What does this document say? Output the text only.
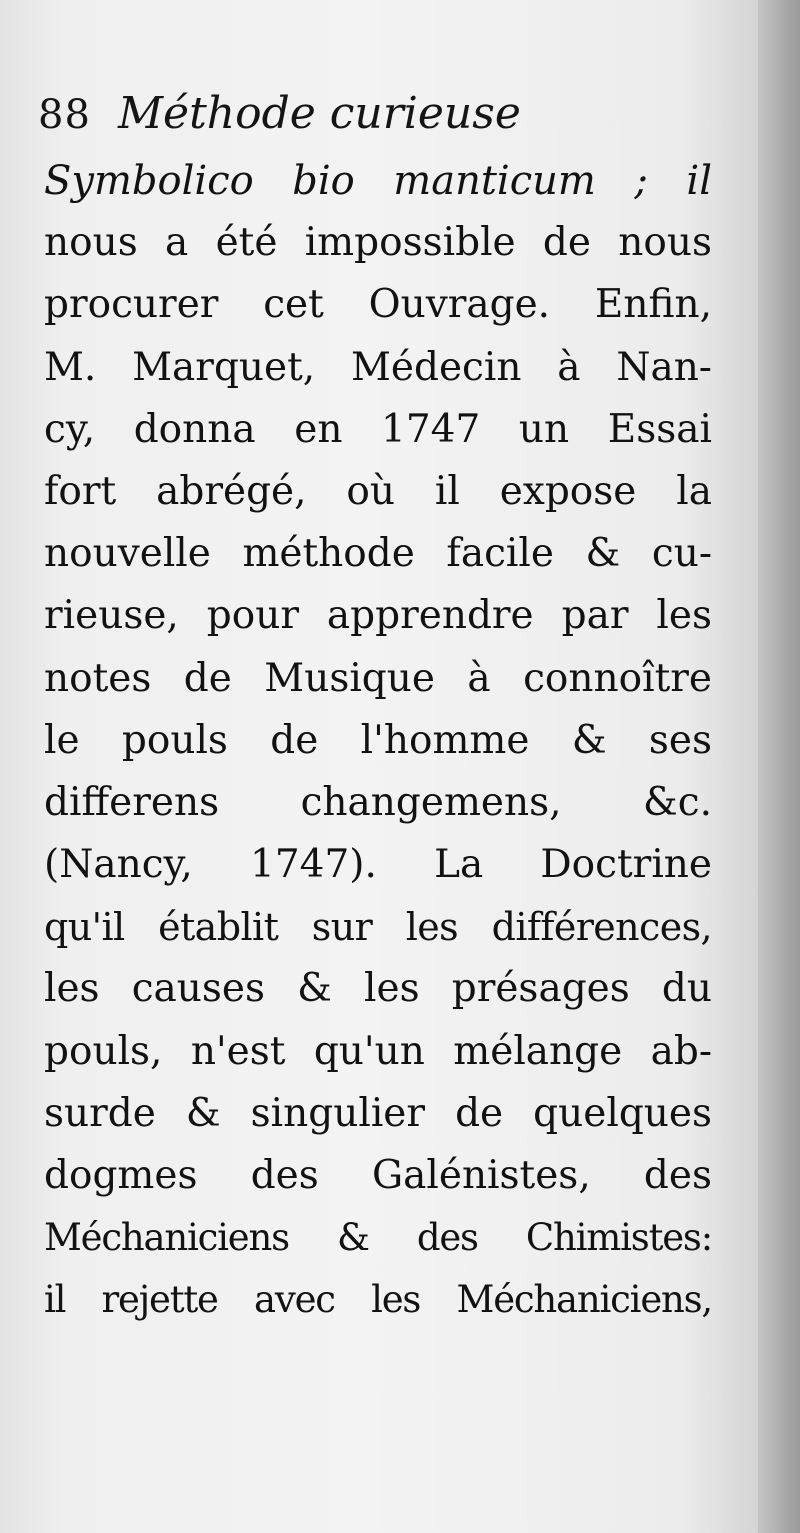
88 Méthode curieuse
Symbolico bio manticum ; il
nous a été impossible de nous
procurer cet Ouvrage. Enfin,
M. Marquet, Médecin à Nan-
cy, donna en 1747 un Essai
fort abrégé, où il expose la
nouvelle méthode facile & cu-
rieuse, pour apprendre par les
notes de Musique à connoître
le pouls de l'homme & ses
differens changemens, &c.
(Nancy, 1747). La Doctrine
qu'il établit sur les différences,
les causes & les présages du
pouls, n'est qu'un mélange ab-
surde & singulier de quelques
dogmes des Galénistes, des
Méchaniciens & des Chimistes:
il rejette avec les Méchaniciens,
